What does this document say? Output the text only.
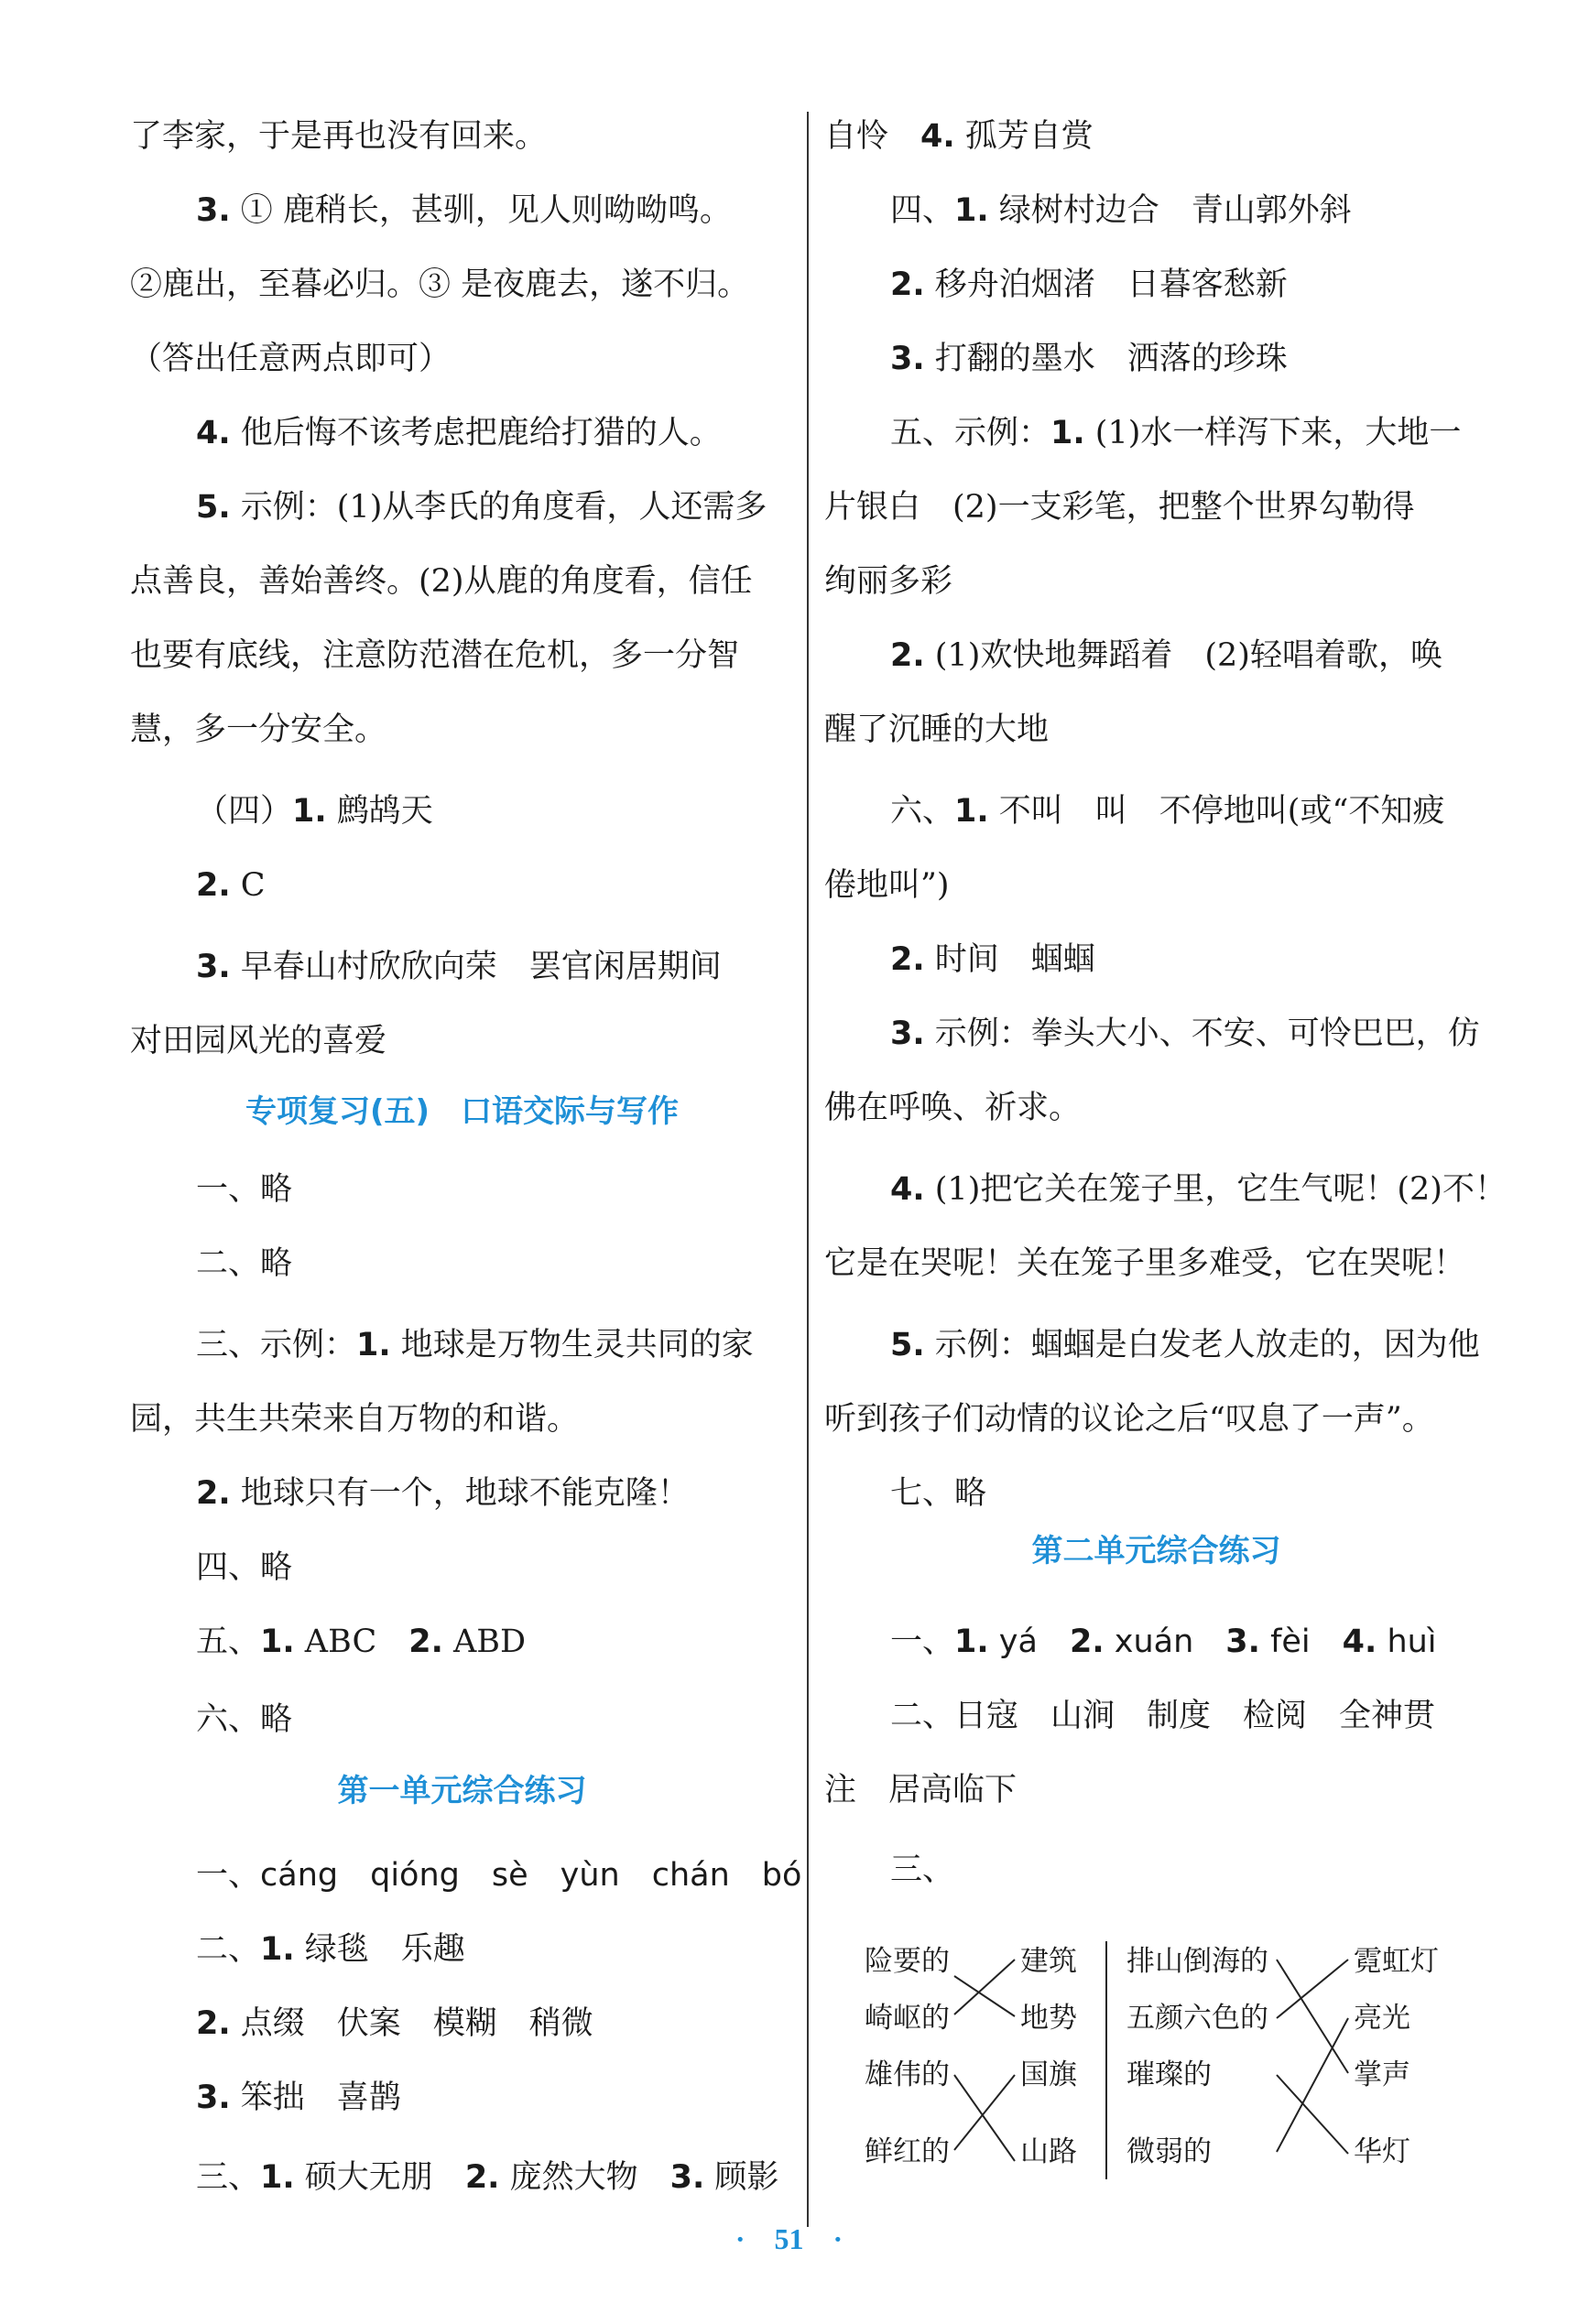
了李家，于是再也没有回来。
3. ① 鹿稍长，甚驯，见人则呦呦鸣。
②鹿出，至暮必归。③ 是夜鹿去，遂不归。
（答出任意两点即可）
4. 他后悔不该考虑把鹿给打猎的人。
5. 示例：(1)从李氏的角度看，人还需多
点善良，善始善终。(2)从鹿的角度看，信任
也要有底线，注意防范潜在危机，多一分智
慧，多一分安全。
（四）1. 鹧鸪天
2. C
3. 早春山村欣欣向荣　罢官闲居期间
对田园风光的喜爱
专项复习(五)　口语交际与写作
一、略
二、略
三、示例：1. 地球是万物生灵共同的家
园，共生共荣来自万物的和谐。
2. 地球只有一个，地球不能克隆！
四、略
五、1. ABC　2. ABD
六、略
第一单元综合练习
一、cáng　qióng　sè　yùn　chán　bó
二、1. 绿毯　乐趣
2. 点缀　伏案　模糊　稍微
3. 笨拙　喜鹊
三、1. 硕大无朋　2. 庞然大物　3. 顾影
自怜　4. 孤芳自赏
四、1. 绿树村边合　青山郭外斜
2. 移舟泊烟渚　日暮客愁新
3. 打翻的墨水　洒落的珍珠
五、示例：1. (1)水一样泻下来，大地一
片银白　(2)一支彩笔，把整个世界勾勒得
绚丽多彩
2. (1)欢快地舞蹈着　(2)轻唱着歌，唤
醒了沉睡的大地
六、1. 不叫　叫　不停地叫(或“不知疲
倦地叫”)
2. 时间　蝈蝈
3. 示例：拳头大小、不安、可怜巴巴，仿
佛在呼唤、祈求。
4. (1)把它关在笼子里，它生气呢！(2)不！
它是在哭呢！关在笼子里多难受，它在哭呢！
5. 示例：蝈蝈是白发老人放走的，因为他
听到孩子们动情的议论之后“叹息了一声”。
七、略
第二单元综合练习
一、1. yá　2. xuán　3. fèi　4. huì
二、日寇　山涧　制度　检阅　全神贯
注　居高临下
三、
险要的
崎岖的
雄伟的
鲜红的
建筑
地势
国旗
山路
排山倒海的
五颜六色的
璀璨的
微弱的
霓虹灯
亮光
掌声
华灯
·　51　·
